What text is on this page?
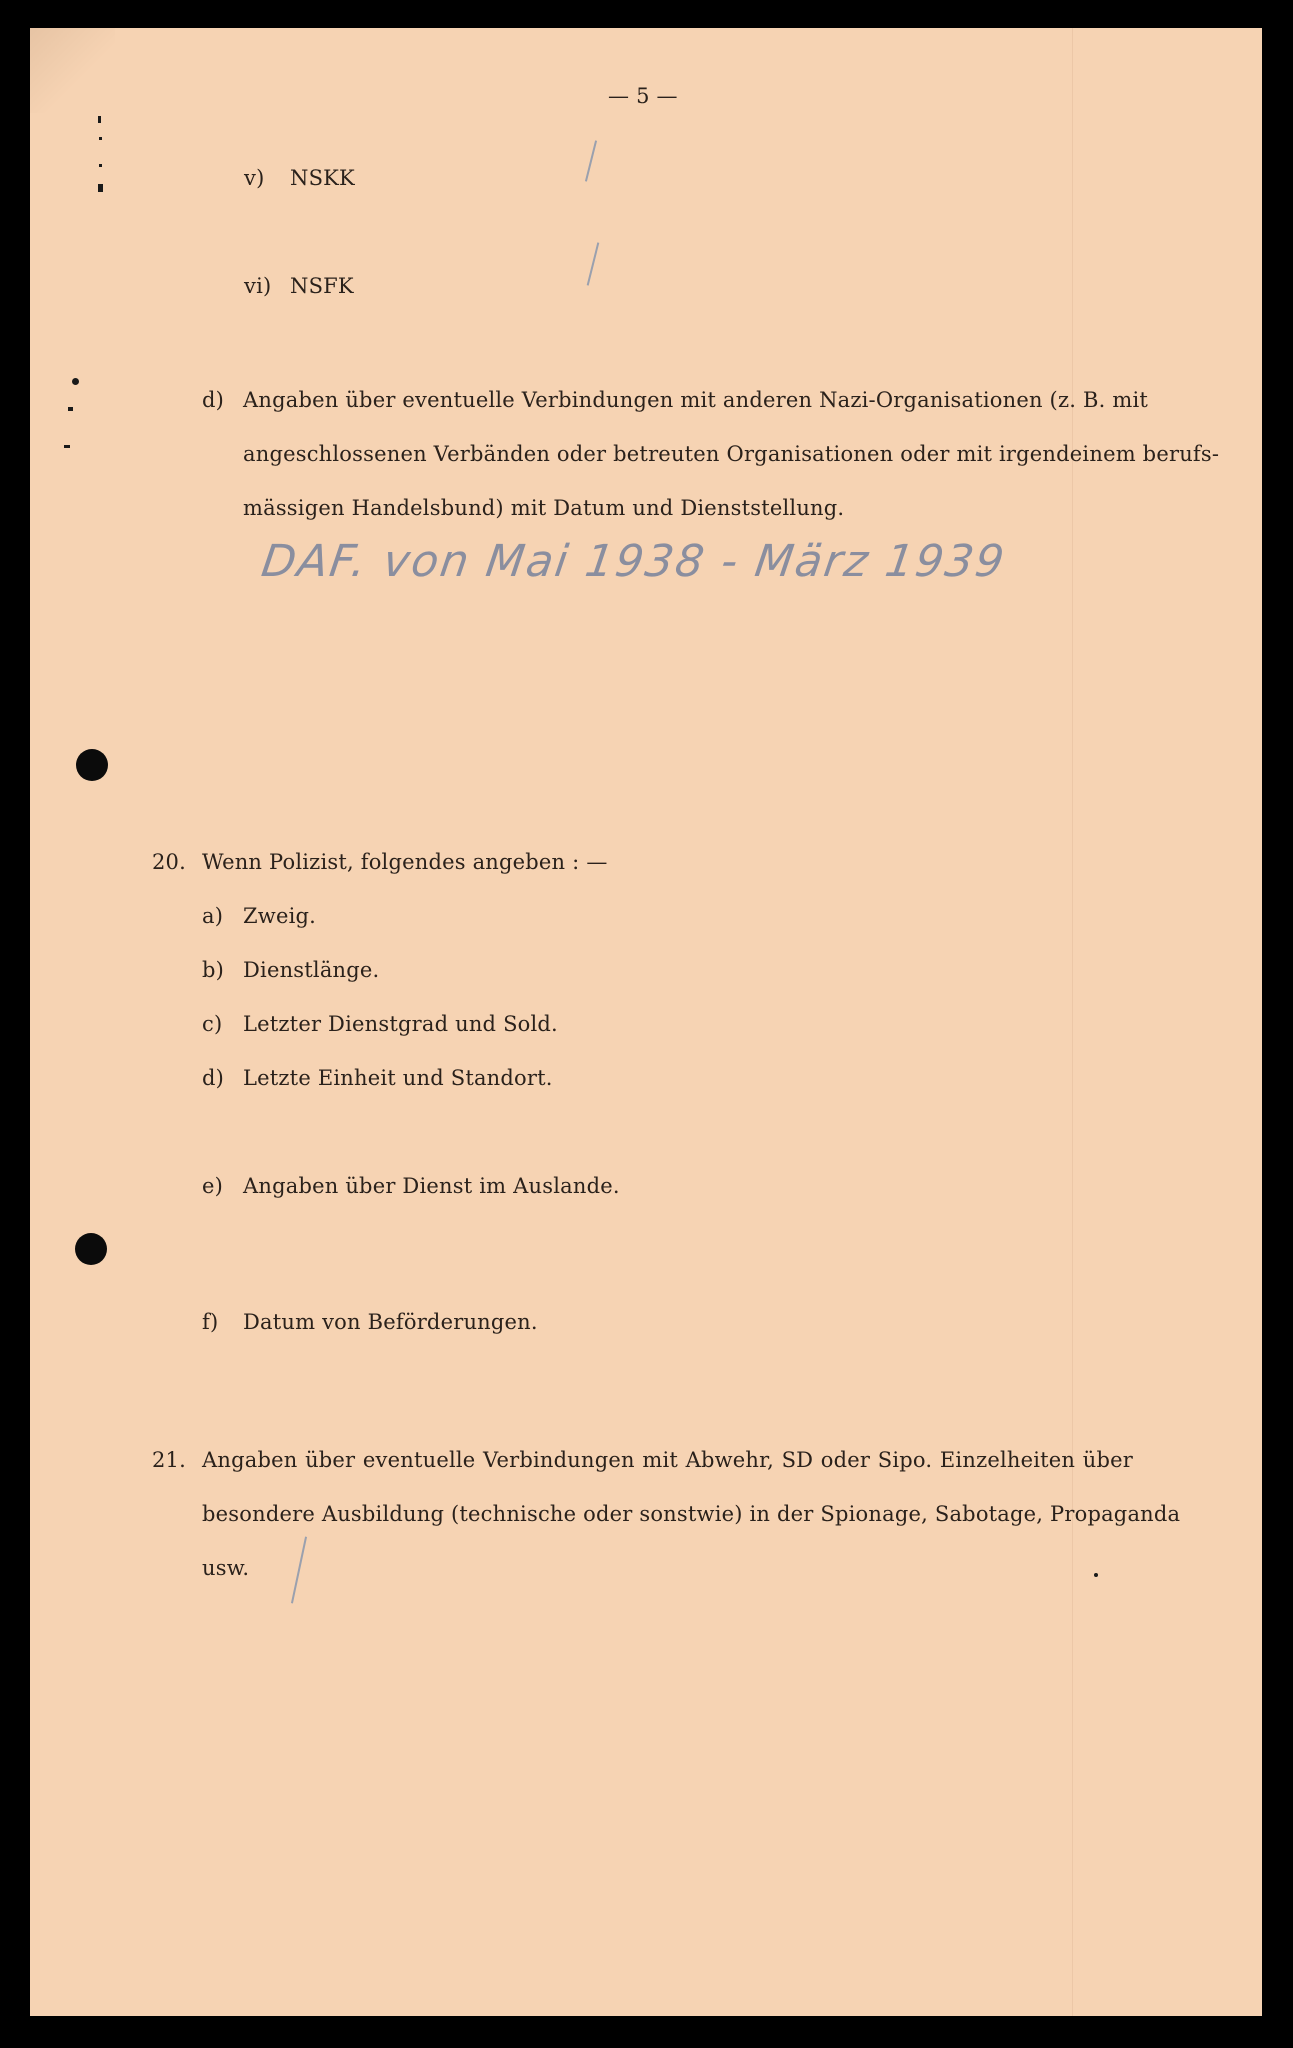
— 5 —
v) NSKK
vi) NSFK
d) Angaben über eventuelle Verbindungen mit anderen Nazi-Organisationen (z. B. mit
angeschlossenen Verbänden oder betreuten Organisationen oder mit irgendeinem berufs-
mässigen Handelsbund) mit Datum und Dienststellung.
DAF. von Mai 1938 - März 1939
20. Wenn Polizist, folgendes angeben : —
a) Zweig.
b) Dienstlänge.
c) Letzter Dienstgrad und Sold.
d) Letzte Einheit und Standort.
e) Angaben über Dienst im Auslande.
f) Datum von Beförderungen.
21. Angaben über eventuelle Verbindungen mit Abwehr, SD oder Sipo. Einzelheiten über
besondere Ausbildung (technische oder sonstwie) in der Spionage, Sabotage, Propaganda
usw.
